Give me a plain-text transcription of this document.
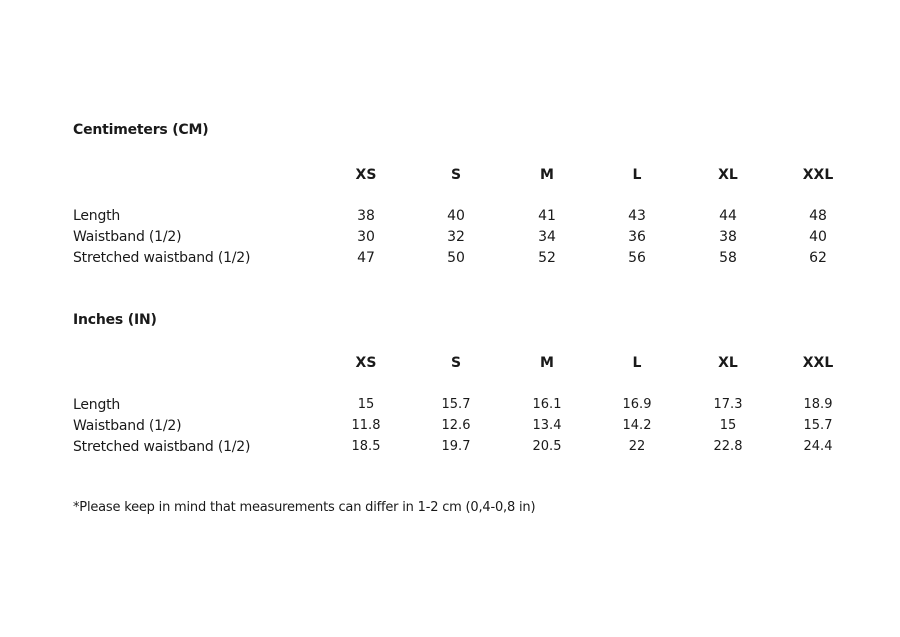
Centimeters (CM)
XS	S	M	L	XL	XXL
Length	38	40	41	43	44	48
Waistband (1/2)	30	32	34	36	38	40
Stretched waistband (1/2)	47	50	52	56	58	62
Inches (IN)
XS	S	M	L	XL	XXL
Length	15	15.7	16.1	16.9	17.3	18.9
Waistband (1/2)	11.8	12.6	13.4	14.2	15	15.7
Stretched waistband (1/2)	18.5	19.7	20.5	22	22.8	24.4
*Please keep in mind that measurements can differ in 1-2 cm (0,4-0,8 in)
